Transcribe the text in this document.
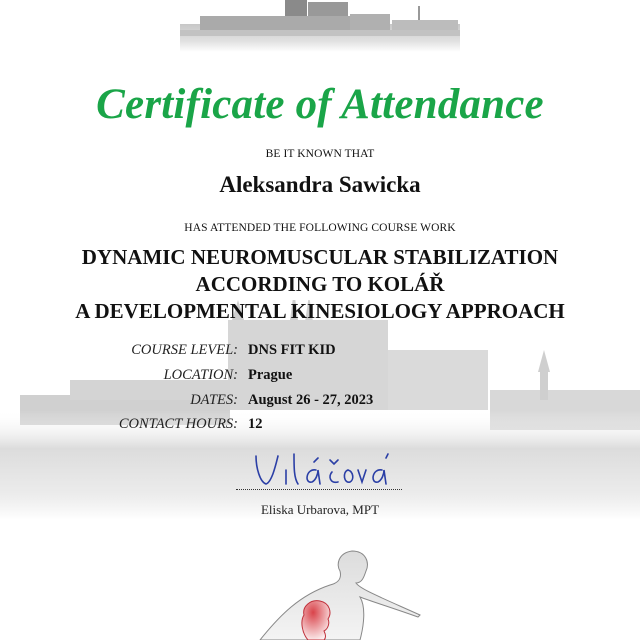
Certificate of Attendance
BE IT KNOWN THAT
Aleksandra Sawicka
HAS ATTENDED THE FOLLOWING COURSE WORK
DYNAMIC NEUROMUSCULAR STABILIZATION
ACCORDING TO KOLÁŘ
A DEVELOPMENTAL KINESIOLOGY APPROACH
COURSE LEVEL: DNS FIT KID
LOCATION: Prague
DATES: August 26 - 27, 2023
CONTACT HOURS: 12
Eliska Urbarova, MPT
